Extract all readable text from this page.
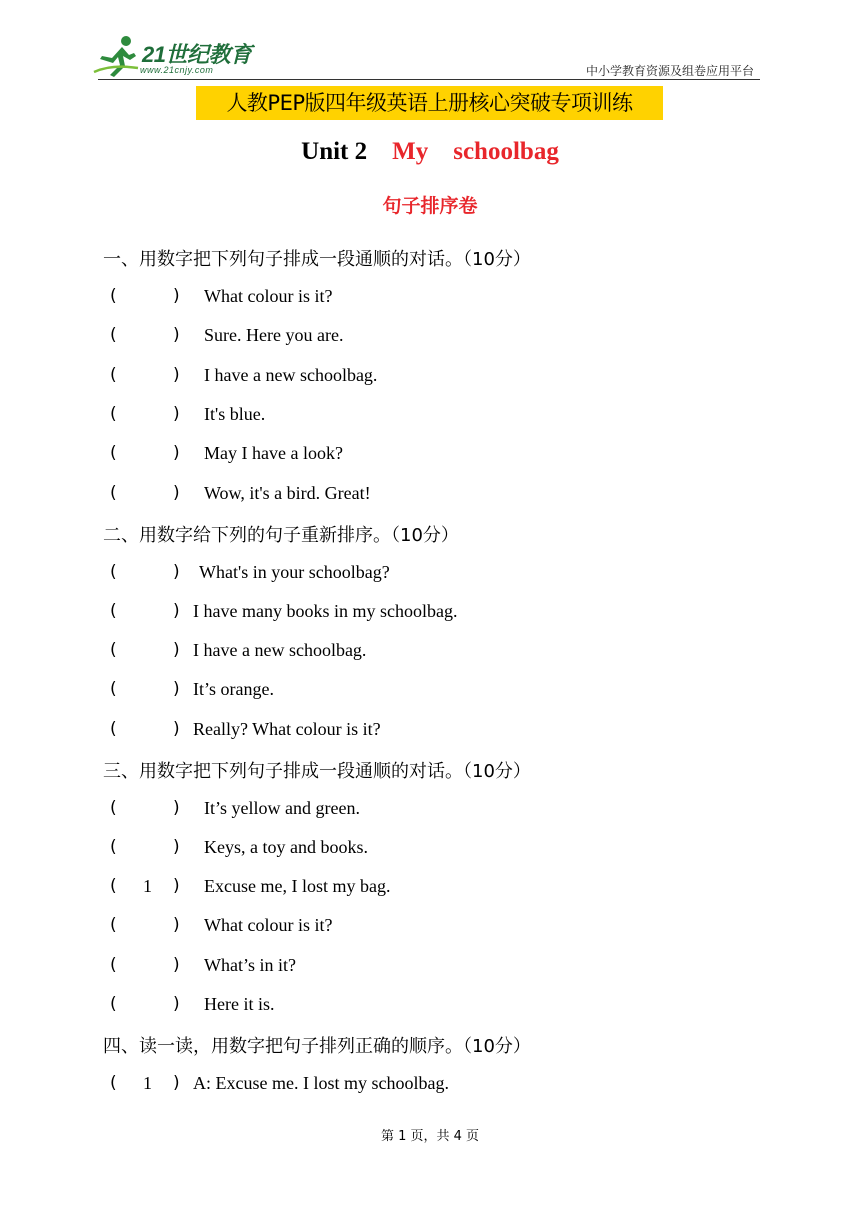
21世纪教育
www.21cnjy.com	中小学教育资源及组卷应用平台
人教PEP版四年级英语上册核心突破专项训练
Unit 2 My    schoolbag
句子排序卷
一、用数字把下列句子排成一段通顺的对话。（10分）
(	) What colour is it?
(	) Sure. Here you are.
(	) I have a new schoolbag.
(	) It's blue.
(	) May I have a look?
(	) Wow, it's a bird. Great!
二、用数字给下列的句子重新排序。（10分）
(	) What's in your schoolbag?
(	) I have many books in my schoolbag.
(	) I have a new schoolbag.
(	) It’s orange.
(	) Really? What colour is it?
三、用数字把下列句子排成一段通顺的对话。（10分）
(	) It’s yellow and green.
(	) Keys, a toy and books.
( 1 ) Excuse me, I lost my bag.
(	) What colour is it?
(	) What’s in it?
(	) Here it is.
四、读一读，用数字把句子排列正确的顺序。（10分）
( 1 ) A: Excuse me. I lost my schoolbag.
第 1 页，共 4 页
